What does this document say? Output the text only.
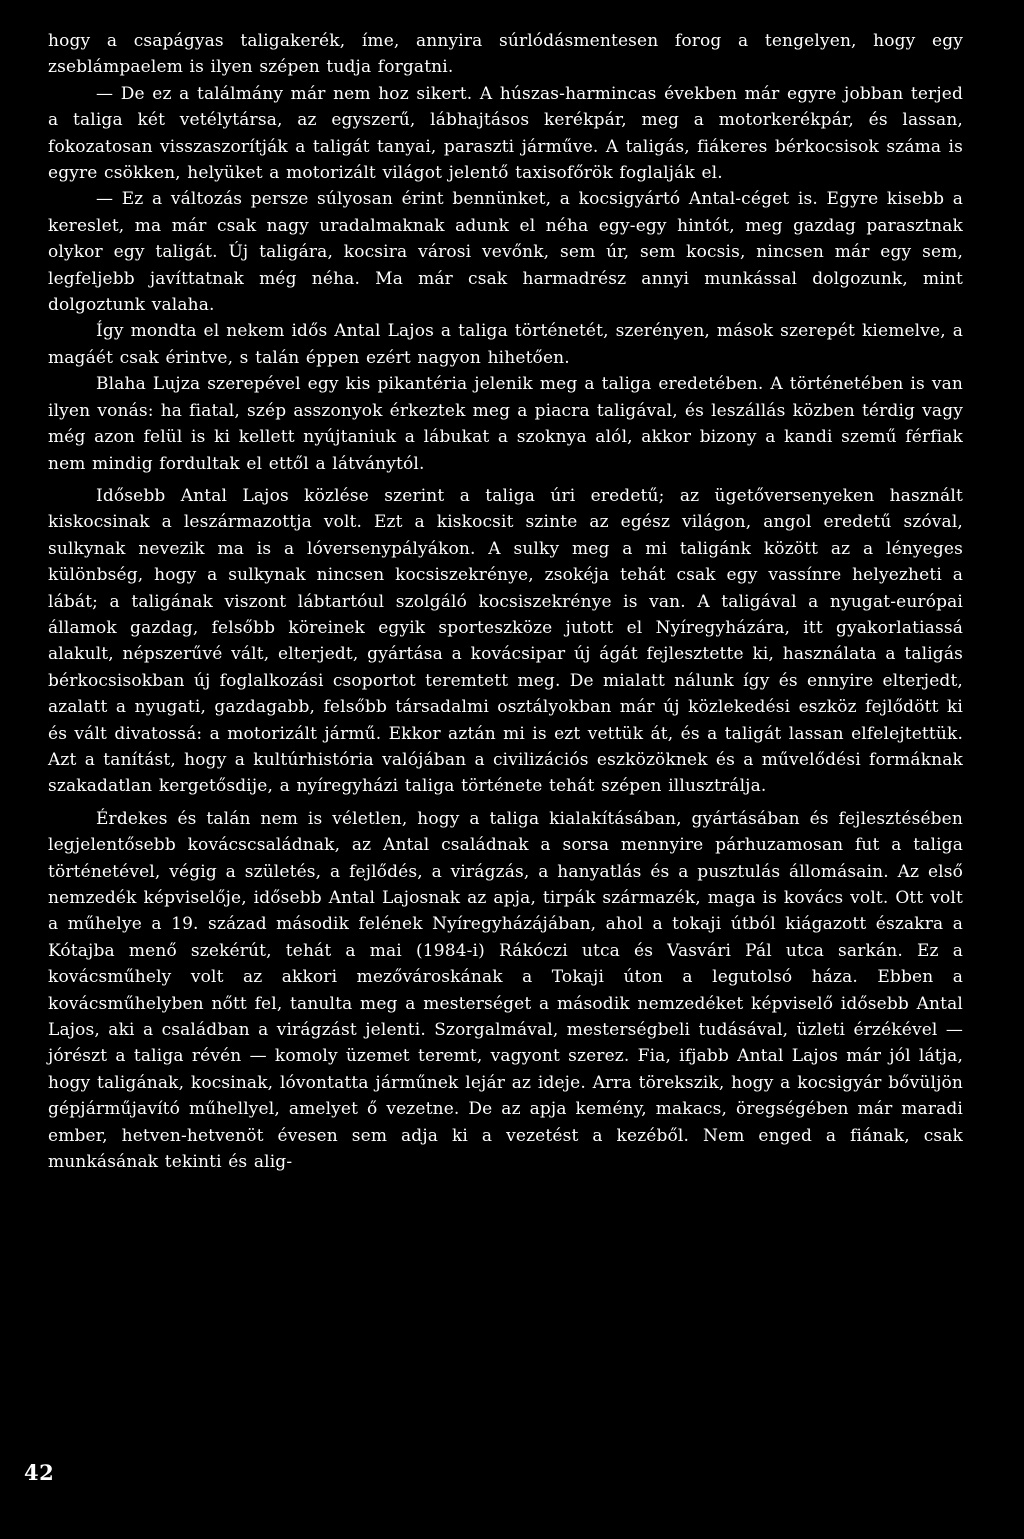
hogy a csapágyas taligakerék, íme, annyira súrlódásmentesen forog a tengelyen, hogy egy zseblámpaelem is ilyen szépen tudja forgatni.

— De ez a találmány már nem hoz sikert. A húszas-harmincas években már egyre jobban terjed a taliga két vetélytársa, az egyszerű, lábhajtásos kerékpár, meg a motorkerékpár, és lassan, fokozatosan visszaszorítják a taligát tanyai, paraszti járműve. A taligás, fiákeres bérkocsisok száma is egyre csökken, helyüket a motorizált világot jelentő taxisofőrök foglalják el.

— Ez a változás persze súlyosan érint bennünket, a kocsigyártó Antal-céget is. Egyre kisebb a kereslet, ma már csak nagy uradalmaknak adunk el néha egy-egy hintót, meg gazdag parasztnak olykor egy taligát. Új taligára, kocsira városi vevőnk, sem úr, sem kocsis, nincsen már egy sem, legfeljebb javíttatnak még néha. Ma már csak harmadrész annyi munkással dolgozunk, mint dolgoztunk valaha.

Így mondta el nekem idős Antal Lajos a taliga történetét, szerényen, mások szerepét kiemelve, a magáét csak érintve, s talán éppen ezért nagyon hihetően.

Blaha Lujza szerepével egy kis pikantéria jelenik meg a taliga eredetében. A történetében is van ilyen vonás: ha fiatal, szép asszonyok érkeztek meg a piacra taligával, és leszállás közben térdig vagy még azon felül is ki kellett nyújtaniuk a lábukat a szoknya alól, akkor bizony a kandi szemű férfiak nem mindig fordultak el ettől a látványtól.

Idősebb Antal Lajos közlése szerint a taliga úri eredetű; az ügetőversenyeken használt kiskocsinak a leszármazottja volt. Ezt a kiskocsit szinte az egész világon, angol eredetű szóval, sulkynak nevezik ma is a lóversenypályákon. A sulky meg a mi taligánk között az a lényeges különbség, hogy a sulkynak nincsen kocsiszekrénye, zsokéja tehát csak egy vassínre helyezheti a lábát; a taligának viszont lábtartóul szolgáló kocsiszekrénye is van. A taligával a nyugat-európai államok gazdag, felsőbb köreinek egyik sporteszköze jutott el Nyíregyházára, itt gyakorlatiassá alakult, népszerűvé vált, elterjedt, gyártása a kovácsipar új ágát fejlesztette ki, használata a taligás bérkocsisokban új foglalkozási csoportot teremtett meg. De mialatt nálunk így és ennyire elterjedt, azalatt a nyugati, gazdagabb, felsőbb társadalmi osztályokban már új közlekedési eszköz fejlődött ki és vált divatossá: a motorizált jármű. Ekkor aztán mi is ezt vettük át, és a taligát lassan elfelejtettük. Azt a tanítást, hogy a kultúrhistória valójában a civilizációs eszközöknek és a művelődési formáknak szakadatlan kergetősdije, a nyíregyházi taliga története tehát szépen illusztrálja.

Érdekes és talán nem is véletlen, hogy a taliga kialakításában, gyártásában és fejlesztésében legjelentősebb kovácscsaládnak, az Antal családnak a sorsa mennyire párhuzamosan fut a taliga történetével, végig a születés, a fejlődés, a virágzás, a hanyatlás és a pusztulás állomásain. Az első nemzedék képviselője, idősebb Antal Lajosnak az apja, tirpák származék, maga is kovács volt. Ott volt a műhelye a 19. század második felének Nyíregyházájában, ahol a tokaji útból kiágazott északra a Kótajba menő szekérút, tehát a mai (1984-i) Rákóczi utca és Vasvári Pál utca sarkán. Ez a kovácsműhely volt az akkori mezővároskának a Tokaji úton a legutolsó háza. Ebben a kovácsműhelyben nőtt fel, tanulta meg a mesterséget a második nemzedéket képviselő idősebb Antal Lajos, aki a családban a virágzást jelenti. Szorgalmával, mesterségbeli tudásával, üzleti érzékével — jórészt a taliga révén — komoly üzemet teremt, vagyont szerez. Fia, ifjabb Antal Lajos már jól látja, hogy taligának, kocsinak, lóvontatta járműnek lejár az ideje. Arra törekszik, hogy a kocsigyár bővüljön gépjárműjavító műhellyel, amelyet ő vezetne. De az apja kemény, makacs, öregségében már maradi ember, hetven-hetvenöt évesen sem adja ki a vezetést a kezéből. Nem enged a fiának, csak munkásának tekinti és alig-

42
